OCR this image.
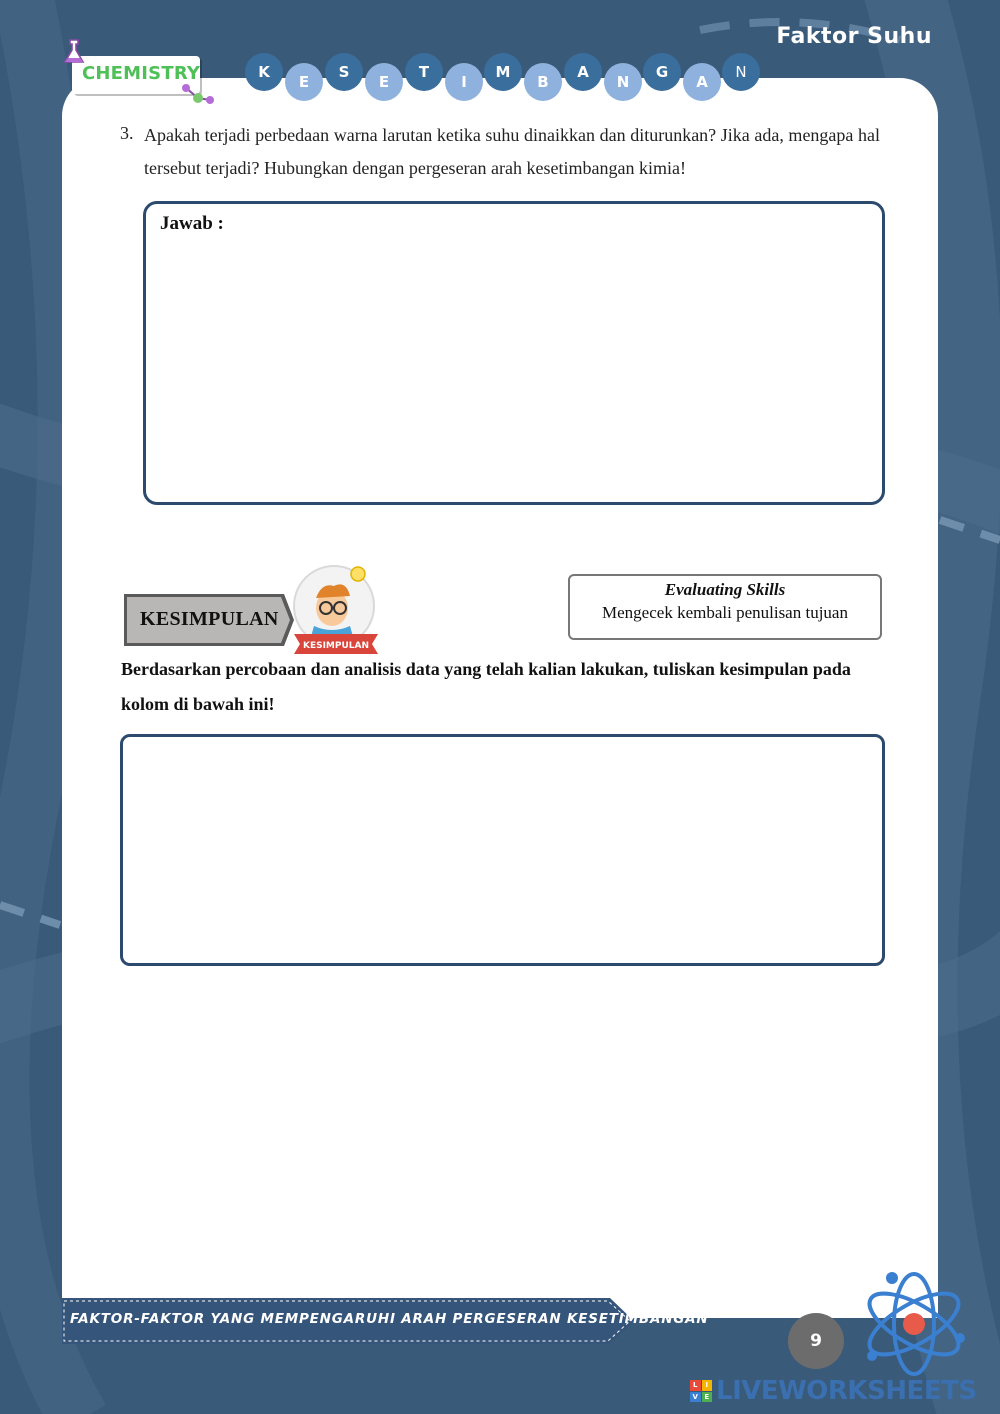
Faktor Suhu
CHEMISTRY	K
E
S
E
T
I
M
B
A
N
G
A
N
3. Apakah terjadi perbedaan warna larutan ketika suhu dinaikkan dan diturunkan? Jika ada, mengapa hal tersebut terjadi? Hubungkan dengan pergeseran arah kesetimbangan kimia!
Jawab :
KESIMPULAN
KESIMPULAN
Evaluating Skills
Mengecek kembali penulisan tujuan
Berdasarkan percobaan dan analisis data yang telah kalian lakukan, tuliskan kesimpulan pada kolom di bawah ini!
FAKTOR-FAKTOR YANG MEMPENGARUHI ARAH PERGESERAN KESETIMBANGAN
9
L	I
V E LIVEWORKSHEETS
